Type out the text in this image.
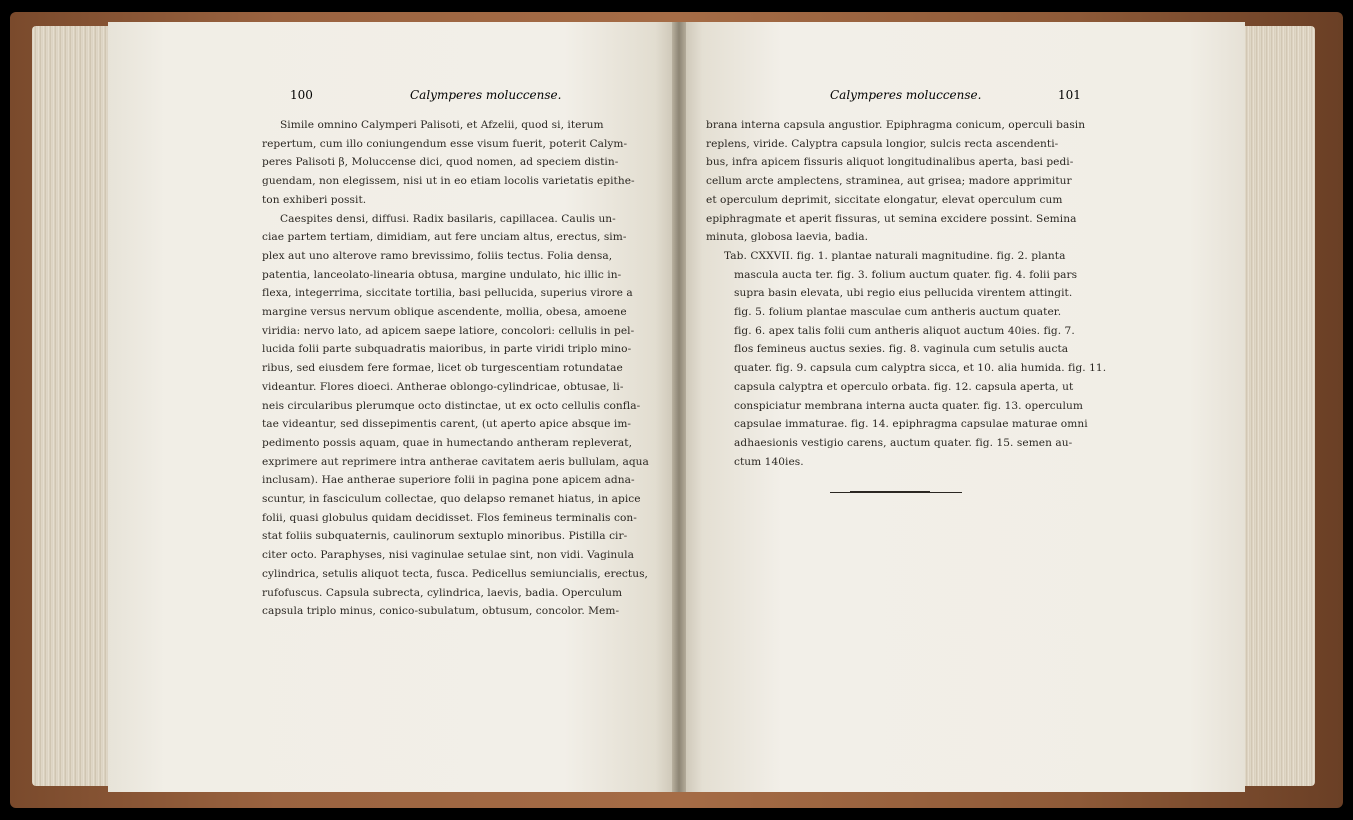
100	Calymperes moluccense.	Calymperes moluccense.	101
Simile omnino Calymperi Palisoti, et Afzelii, quod si, iterum
repertum, cum illo coniungendum esse visum fuerit, poterit Calym-
peres Palisoti β, Moluccense dici, quod nomen, ad speciem distin-
guendam, non elegissem, nisi ut in eo etiam locolis varietatis epithe-
ton exhiberi possit.
Caespites densi, diffusi. Radix basilaris, capillacea. Caulis un-
ciae partem tertiam, dimidiam, aut fere unciam altus, erectus, sim-
plex aut uno alterove ramo brevissimo, foliis tectus. Folia densa,
patentia, lanceolato-linearia obtusa, margine undulato, hic illic in-
flexa, integerrima, siccitate tortilia, basi pellucida, superius virore a
margine versus nervum oblique ascendente, mollia, obesa, amoene
viridia: nervo lato, ad apicem saepe latiore, concolori: cellulis in pel-
lucida folii parte subquadratis maioribus, in parte viridi triplo mino-
ribus, sed eiusdem fere formae, licet ob turgescentiam rotundatae
videantur. Flores dioeci. Antherae oblongo-cylindricae, obtusae, li-
neis circularibus plerumque octo distinctae, ut ex octo cellulis confla-
tae videantur, sed dissepimentis carent, (ut aperto apice absque im-
pedimento possis aquam, quae in humectando antheram repleverat,
exprimere aut reprimere intra antherae cavitatem aeris bullulam, aqua
inclusam). Hae antherae superiore folii in pagina pone apicem adna-
scuntur, in fasciculum collectae, quo delapso remanet hiatus, in apice
folii, quasi globulus quidam decidisset. Flos femineus terminalis con-
stat foliis subquaternis, caulinorum sextuplo minoribus. Pistilla cir-
citer octo. Paraphyses, nisi vaginulae setulae sint, non vidi. Vaginula
cylindrica, setulis aliquot tecta, fusca. Pedicellus semiuncialis, erectus,
rufofuscus. Capsula subrecta, cylindrica, laevis, badia. Operculum
capsula triplo minus, conico-subulatum, obtusum, concolor. Mem-
brana interna capsula angustior. Epiphragma conicum, operculi basin
replens, viride. Calyptra capsula longior, sulcis recta ascendenti-
bus, infra apicem fissuris aliquot longitudinalibus aperta, basi pedi-
cellum arcte amplectens, straminea, aut grisea; madore apprimitur
et operculum deprimit, siccitate elongatur, elevat operculum cum
epiphragmate et aperit fissuras, ut semina excidere possint. Semina
minuta, globosa laevia, badia.
Tab. CXXVII. fig. 1. plantae naturali magnitudine. fig. 2. planta
mascula aucta ter. fig. 3. folium auctum quater. fig. 4. folii pars
supra basin elevata, ubi regio eius pellucida virentem attingit.
fig. 5. folium plantae masculae cum antheris auctum quater.
fig. 6. apex talis folii cum antheris aliquot auctum 40ies. fig. 7.
flos femineus auctus sexies. fig. 8. vaginula cum setulis aucta
quater. fig. 9. capsula cum calyptra sicca, et 10. alia humida. fig. 11.
capsula calyptra et operculo orbata. fig. 12. capsula aperta, ut
conspiciatur membrana interna aucta quater. fig. 13. operculum
capsulae immaturae. fig. 14. epiphragma capsulae maturae omni
adhaesionis vestigio carens, auctum quater. fig. 15. semen au-
ctum 140ies.
